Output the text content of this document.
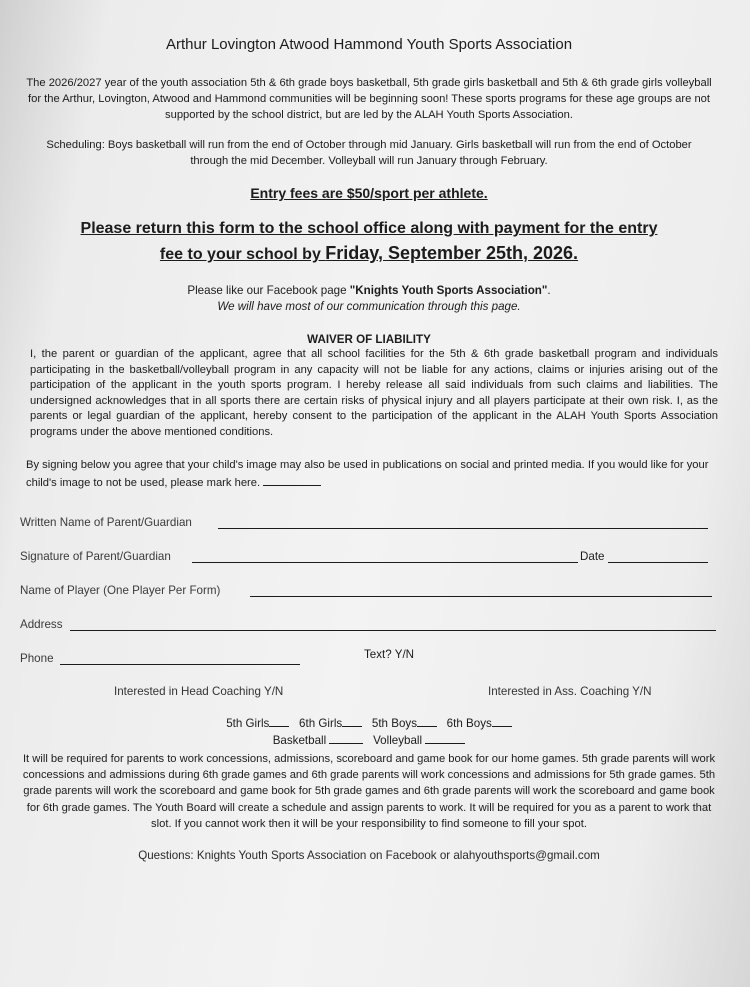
Arthur Lovington Atwood Hammond Youth Sports Association
The 2026/2027 year of the youth association 5th & 6th grade boys basketball, 5th grade girls basketball and 5th & 6th grade girls volleyball for the Arthur, Lovington, Atwood and Hammond communities will be beginning soon! These sports programs for these age groups are not supported by the school district, but are led by the ALAH Youth Sports Association.
Scheduling: Boys basketball will run from the end of October through mid January. Girls basketball will run from the end of October through the mid December. Volleyball will run January through February.
Entry fees are $50/sport per athlete.
Please return this form to the school office along with payment for the entry
fee to your school by Friday, September 25th, 2026.
Please like our Facebook page "Knights Youth Sports Association".
We will have most of our communication through this page.
WAIVER OF LIABILITY
I, the parent or guardian of the applicant, agree that all school facilities for the 5th & 6th grade basketball program and individuals participating in the basketball/volleyball program in any capacity will not be liable for any actions, claims or injuries arising out of the participation of the applicant in the youth sports program. I hereby release all said individuals from such claims and liabilities. The undersigned acknowledges that in all sports there are certain risks of physical injury and all players participate at their own risk. I, as the parents or legal guardian of the applicant, hereby consent to the participation of the applicant in the ALAH Youth Sports Association programs under the above mentioned conditions.
By signing below you agree that your child's image may also be used in publications on social and printed media. If you would like for your child's image to not be used, please mark here.
Written Name of Parent/Guardian
Signature of Parent/Guardian	Date
Name of Player (One Player Per Form)
Address
Phone	Text? Y/N
Interested in Head Coaching Y/N	Interested in Ass. Coaching Y/N
5th Girls	6th Girls	5th Boys	6th Boys
Basketball	Volleyball
It will be required for parents to work concessions, admissions, scoreboard and game book for our home games. 5th grade parents will work concessions and admissions during 6th grade games and 6th grade parents will work concessions and admissions for 5th grade games. 5th grade parents will work the scoreboard and game book for 5th grade games and 6th grade parents will work the scoreboard and game book for 6th grade games. The Youth Board will create a schedule and assign parents to work. It will be required for you as a parent to work that slot. If you cannot work then it will be your responsibility to find someone to fill your spot.
Questions: Knights Youth Sports Association on Facebook or alahyouthsports@gmail.com
